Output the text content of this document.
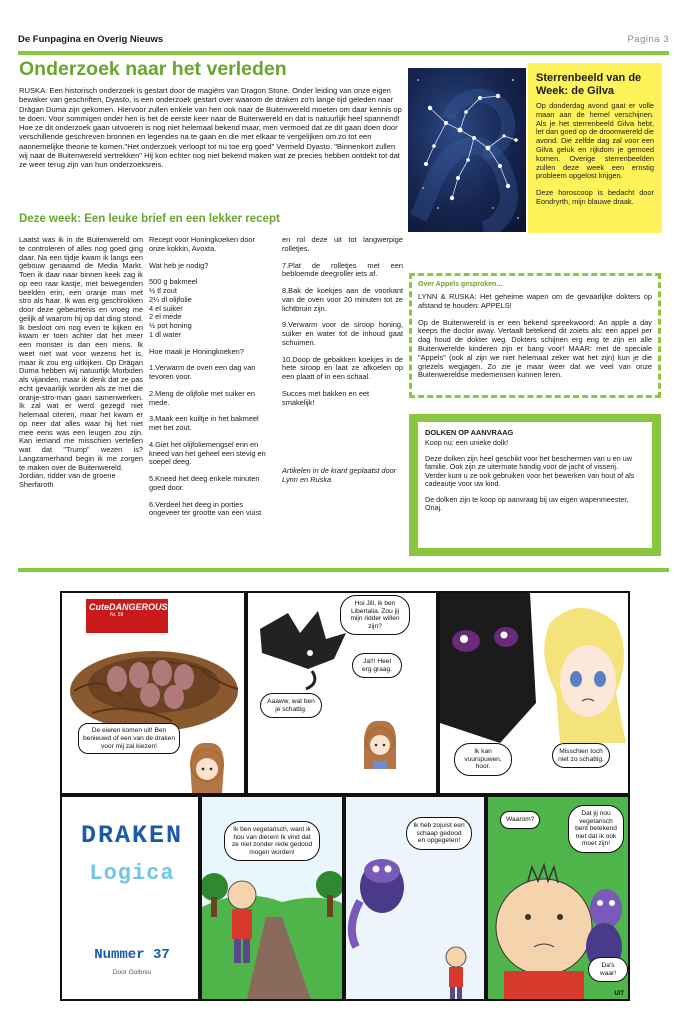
De Funpagina en Overig Nieuws	Pagina 3
Onderzoek naar het verleden
RUSKA: Een historisch onderzoek is gestart door de magiërs van Dragon Stone. Onder leiding van onze eigen bewaker van geschriften, Dyasto, is een onderzoek gestart over waarom de draken zo'n lange tijd geleden naar Drägan Duma zijn gekomen. Hiervoor zullen enkele van hen ook naar de Buitenwereld moeten om daar kennis op te doen. Voor sommigen onder hen is het de eerste keer naar de Buitenwereld en dat is natuurlijk heel spannend! Hoe ze dit onderzoek gaan uitvoeren is nog niet helemaal bekend maar, men vermoed dat ze dit gaan doen door verschillende geschreven bronnen en legendes na te gaan en die met elkaar te vergelijken om zo tot een aannemelijke theorie te komen."Het onderzoek verloopt tot nu toe erg goed" Vermeld Dyasto. "Binnenkort zullen wij naar de Buitenwereld vertrekken" Hij kon echter nog niet bekend maken wat ze precies hebben ontdekt tot dat ze weer terug zijn van hun onderzoeksreis.
Deze week: Een leuke brief en een lekker recept

Laatst was ik in de Buitenwereld om te controleren of alles nog goed ging daar. Na een tijdje kwam ik langs een gebouw genaamd de Media Markt. Toen ik daar naar binnen keek zag ik op een raar kastje, met bewegenden beelden erin, een oranje man met stro als haar. Ik was erg geschrokken door deze gebeurtenis en vroeg me gelijk af waarom hij op dat ding stond. Ik besloot om nog even te kijken en kwam er toen achter dat het meer een monster is dan een mens. Ik weet niet wat voor wezens het is, maar ik zou erg uitkijken. Op Drägan Duma hebben wij natuurlijk Morbiden als vijanden, maar ik denk dat ze pas echt gevaarlijk worden als ze met die oranje-stro-man gaan samenwerken. Ik zal wat er werd gezegd niet helemaal citeren, maar het kwam er op neer dat alles waar hij het niet mee eens was een leugen zou zijn. Kan iemand me misschien vertellen wat dat "Trump" wezen is? Langzamerhand begin ik me zorgen te maken over de Buitenwereld.

Jordian, ridder van de groene Sherfaroth

Recept voor Honingkoeken door onze kokkin, Avoxta.

Wat heb je nodig?

500 g bakmeel
½ tl zout
2¼ dl olijfolie
4 el suiker
2 el mede
½ pot honing
1 dl water

Hoe maak je Honingkoeken?

1.Verwarm de oven een dag van tevoren voor.

2.Meng de olijfolie met suiker en mede.

3.Maak een kuiltje in het bakmeel met het zout.

4.Giet het olijfoliemengsel erin en kneed van het geheel een stevig en soepel deeg.

5.Kneed het deeg enkele minuten goed door.

6.Verdeel het deeg in porties ongeveer ter grootte van een vuist

en rol deze uit tot langwerpige rolletjes.

7.Plat de rolletjes met een bebloemde deegroller iets af.

8.Bak de koekjes aan de voorkant van de oven voor 20 minuten tot ze lichtbruin zijn.

9.Verwarm voor de siroop honing, suiker en water tot de inhoud gaat schuimen.

10.Doop de gebakken koekjes in de hete siroop en laat ze afkoelen op een plaatt of in een schaal.

Succes met bakken en eet smakelijk!

Artikelen in de krant geplaatst door Lynn en Ruska

Sterrenbeeld van de Week: de Gilva
Op donderdag avond gaat er volle maan aan de hemel verschijnen. Als je het sterrenbeeld Gilva hebt, let dan goed op de droomwereld die avond. Die zelfde dag zal voor een Gilva geluk en rijkdom je gemoed komen. Overige sterrenbeelden zullen deze week een ernstig probleem opgelost krijgen.
Deze horoscoop is bedacht door Eondryrth, mijn blauwe draak.
Over Appels gesproken...
LYNN & RUSKA: Het geheime wapen om de gevaarlijke dokters op afstand te houden: APPELS!
Op de Buitenwereld is er een bekend spreekwoord: An apple a day keeps the doctor away. Vertaalt betekend dit zoiets als: een appel per dag houd de dokter weg. Dokters schijnen erg eng te zijn en alle Buitenwerelde kinderen zijn er bang voor! MAAR: met de speciale "Appels" (ook al zijn we niet helemaal zeker wat het zijn) kun je die griezels wegjagen. Zo zie je maar weer dat we veel van onze Buitenwereldse medemensen kunnen leren.
DOLKEN OP AANVRAAG
Koop nu: een unieke dolk!
Deze dolken zijn heel geschikt voor het beschermen van u en uw familie. Ook zijn ze uitermate handig voor de jacht of visserij.
Verder kunt u ze ook gebruiken voor het bewerken van hout of als cadeautje voor uw kind.
De dolken zijn te koop op aanvraag bij uw eigen wapenmeester, Onaj.
CuteDANGEROUS
Nr. 59
De eieren komen uit! Ben benieuwd of een van de draken voor mij zal kiezen!
Hoi Jill, ik ben Libertalia. Zou jij mijn ridder willen zijn?
Ja!!! Heel erg graag.
Aaaww, wat ben je schattig.
Ik kan vuurspuwen, hoor.
Misschien toch niet zo schattig.
DRAKEN
Logica
Nummer 37
Door Golbniu
Ik ben vegetarisch, want ik hou van dieren! Ik vind dat ze niet zonder rede gedood mogen worden!
Ik heb zojuist een schaap gedood en opgegeten!
Waarom?
Dat jij nou vegetarisch bent betekend niet dat ik ook moet zijn!
Da's waar!
UIT
